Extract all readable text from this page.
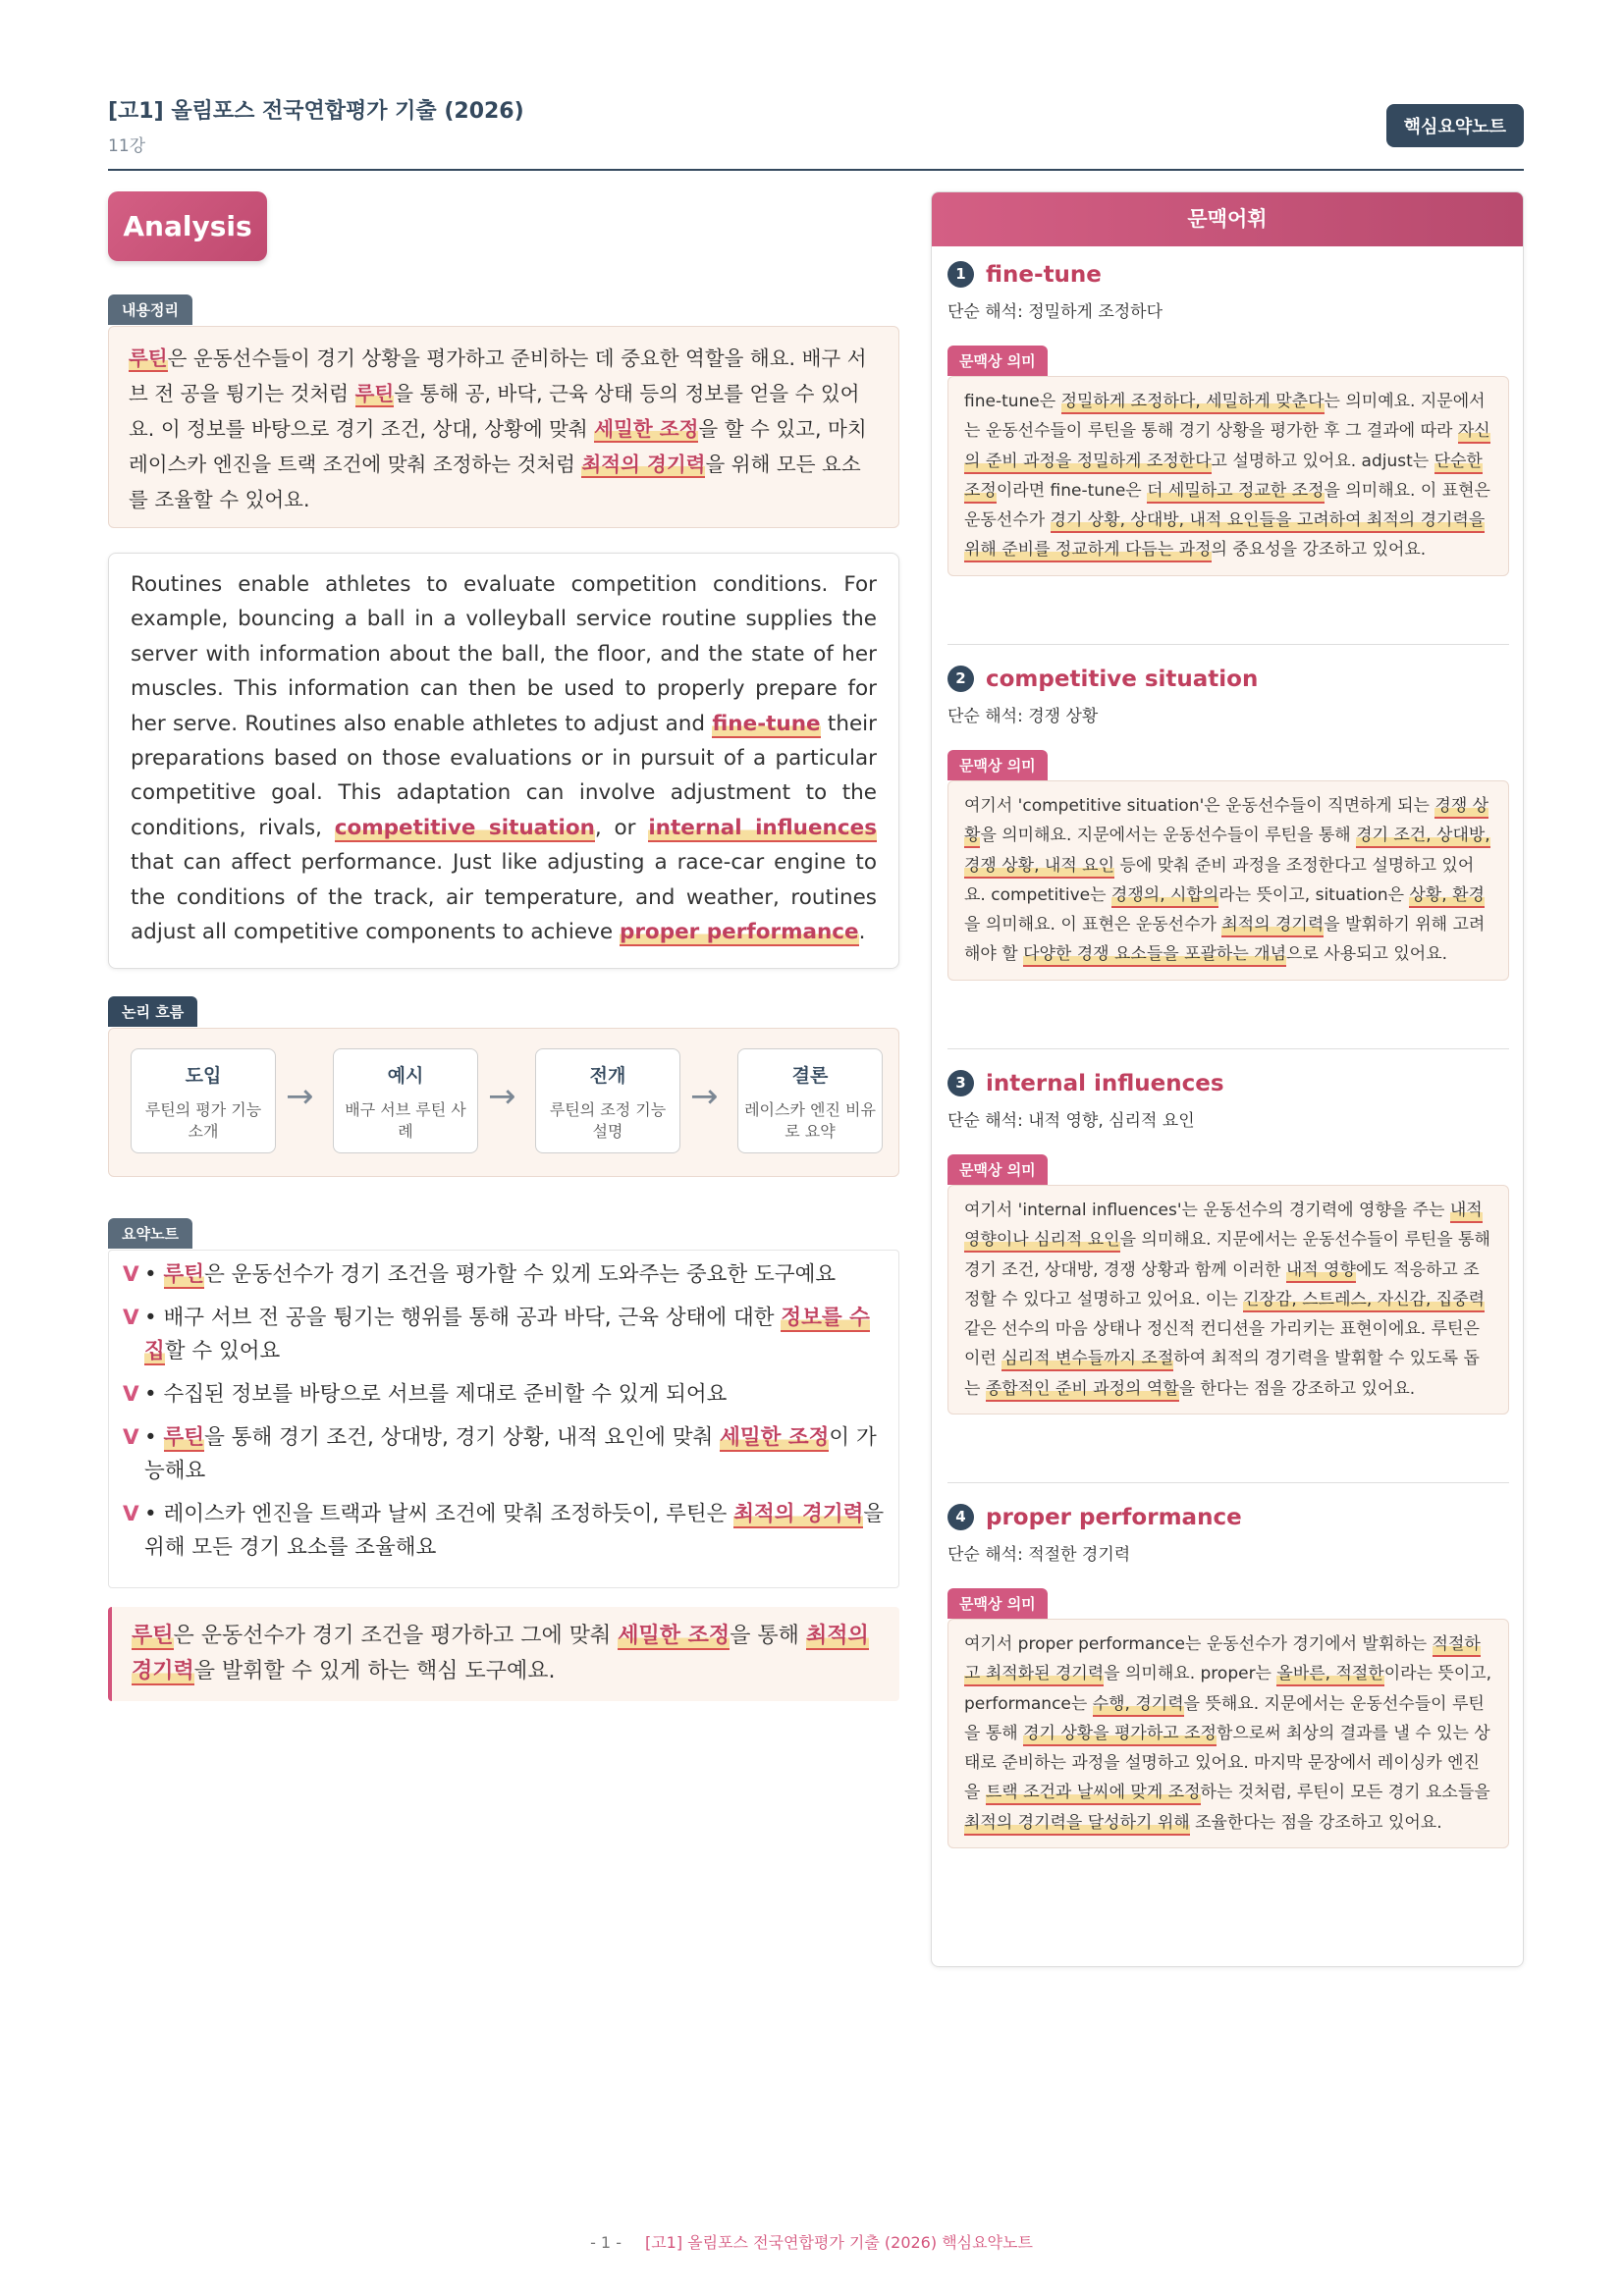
[고1] 올림포스 전국연합평가 기출 (2026)
11강
핵심요약노트
Analysis
내용정리
루틴은 운동선수들이 경기 상황을 평가하고 준비하는 데 중요한 역할을 해요. 배구 서브 전 공을 튕기는 것처럼 루틴을 통해 공, 바닥, 근육 상태 등의 정보를 얻을 수 있어요. 이 정보를 바탕으로 경기 조건, 상대, 상황에 맞춰 세밀한 조정을 할 수 있고, 마치 레이스카 엔진을 트랙 조건에 맞춰 조정하는 것처럼 최적의 경기력을 위해 모든 요소를 조율할 수 있어요.
Routines enable athletes to evaluate competition conditions. For example, bouncing a ball in a volleyball service routine supplies the server with information about the ball, the floor, and the state of her muscles. This information can then be used to properly prepare for her serve. Routines also enable athletes to adjust and fine-tune their preparations based on those evaluations or in pursuit of a particular competitive goal. This adaptation can involve adjustment to the conditions, rivals, competitive situation, or internal influences that can affect performance. Just like adjusting a race-car engine to the conditions of the track, air temperature, and weather, routines adjust all competitive components to achieve proper performance.
논리 흐름
도입
루틴의 평가 기능 소개
→
예시
배구 서브 루틴 사례
→
전개
루틴의 조정 기능 설명
→
결론
레이스카 엔진 비유로 요약
요약노트
V • 루틴은 운동선수가 경기 조건을 평가할 수 있게 도와주는 중요한 도구예요
V • 배구 서브 전 공을 튕기는 행위를 통해 공과 바닥, 근육 상태에 대한 정보를 수집할 수 있어요
V • 수집된 정보를 바탕으로 서브를 제대로 준비할 수 있게 되어요
V • 루틴을 통해 경기 조건, 상대방, 경기 상황, 내적 요인에 맞춰 세밀한 조정이 가능해요
V • 레이스카 엔진을 트랙과 날씨 조건에 맞춰 조정하듯이, 루틴은 최적의 경기력을 위해 모든 경기 요소를 조율해요
루틴은 운동선수가 경기 조건을 평가하고 그에 맞춰 세밀한 조정을 통해 최적의 경기력을 발휘할 수 있게 하는 핵심 도구예요.
문맥어휘
1 fine-tune
단순 해석: 정밀하게 조정하다
문맥상 의미
fine-tune은 정밀하게 조정하다, 세밀하게 맞춘다는 의미예요. 지문에서는 운동선수들이 루틴을 통해 경기 상황을 평가한 후 그 결과에 따라 자신의 준비 과정을 정밀하게 조정한다고 설명하고 있어요. adjust는 단순한 조정이라면 fine-tune은 더 세밀하고 정교한 조정을 의미해요. 이 표현은 운동선수가 경기 상황, 상대방, 내적 요인들을 고려하여 최적의 경기력을 위해 준비를 정교하게 다듬는 과정의 중요성을 강조하고 있어요.
2 competitive situation
단순 해석: 경쟁 상황
문맥상 의미
여기서 'competitive situation'은 운동선수들이 직면하게 되는 경쟁 상황을 의미해요. 지문에서는 운동선수들이 루틴을 통해 경기 조건, 상대방, 경쟁 상황, 내적 요인 등에 맞춰 준비 과정을 조정한다고 설명하고 있어요. competitive는 경쟁의, 시합의라는 뜻이고, situation은 상황, 환경을 의미해요. 이 표현은 운동선수가 최적의 경기력을 발휘하기 위해 고려해야 할 다양한 경쟁 요소들을 포괄하는 개념으로 사용되고 있어요.
3 internal influences
단순 해석: 내적 영향, 심리적 요인
문맥상 의미
여기서 'internal influences'는 운동선수의 경기력에 영향을 주는 내적 영향이나 심리적 요인을 의미해요. 지문에서는 운동선수들이 루틴을 통해 경기 조건, 상대방, 경쟁 상황과 함께 이러한 내적 영향에도 적응하고 조정할 수 있다고 설명하고 있어요. 이는 긴장감, 스트레스, 자신감, 집중력 같은 선수의 마음 상태나 정신적 컨디션을 가리키는 표현이에요. 루틴은 이런 심리적 변수들까지 조절하여 최적의 경기력을 발휘할 수 있도록 돕는 종합적인 준비 과정의 역할을 한다는 점을 강조하고 있어요.
4 proper performance
단순 해석: 적절한 경기력
문맥상 의미
여기서 proper performance는 운동선수가 경기에서 발휘하는 적절하고 최적화된 경기력을 의미해요. proper는 올바른, 적절한이라는 뜻이고, performance는 수행, 경기력을 뜻해요. 지문에서는 운동선수들이 루틴을 통해 경기 상황을 평가하고 조정함으로써 최상의 결과를 낼 수 있는 상태로 준비하는 과정을 설명하고 있어요. 마지막 문장에서 레이싱카 엔진을 트랙 조건과 날씨에 맞게 조정하는 것처럼, 루틴이 모든 경기 요소들을 최적의 경기력을 달성하기 위해 조율한다는 점을 강조하고 있어요.
- 1 - [고1] 올림포스 전국연합평가 기출 (2026) 핵심요약노트
